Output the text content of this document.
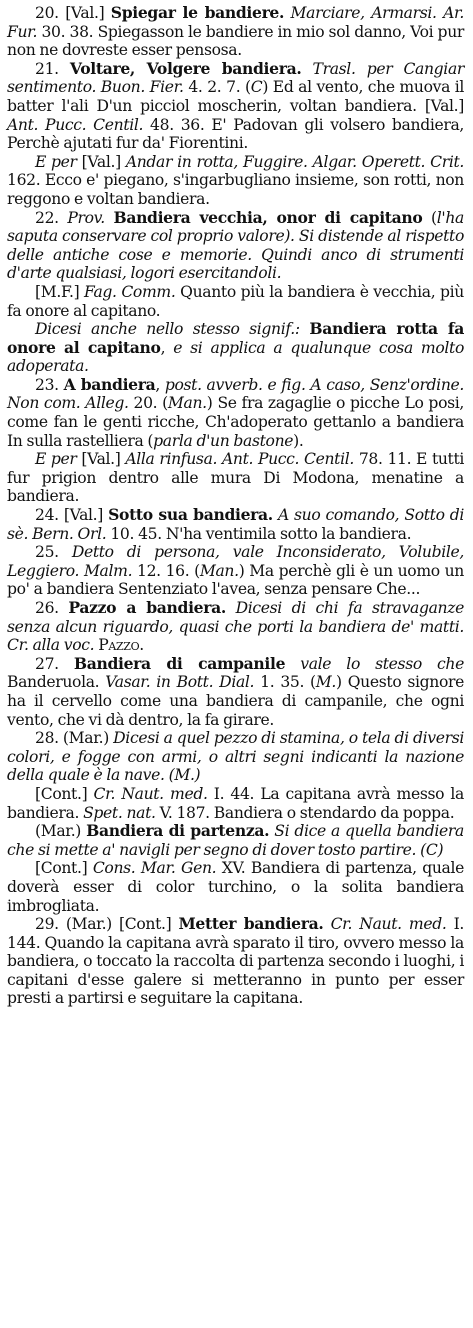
20. [Val.] Spiegar le bandiere. Marciare, Armarsi. Ar. Fur. 30. 38. Spiegasson le bandiere in mio sol danno, Voi pur non ne dovreste esser pensosa.

21. Voltare, Volgere bandiera. Trasl. per Cangiar sentimento. Buon. Fier. 4. 2. 7. (C) Ed al vento, che muova il batter l'ali D'un picciol moscherin, voltan bandiera. [Val.] Ant. Pucc. Centil. 48. 36. E' Padovan gli volsero bandiera, Perchè ajutati fur da' Fiorentini.

E per [Val.] Andar in rotta, Fuggire. Algar. Operett. Crit. 162. Ecco e' piegano, s'ingarbugliano insieme, son rotti, non reggono e voltan bandiera.

22. Prov. Bandiera vecchia, onor di capitano (l'ha saputa conservare col proprio valore). Si distende al rispetto delle antiche cose e memorie. Quindi anco di strumenti d'arte qualsiasi, logori esercitandoli.

[M.F.] Fag. Comm. Quanto più la bandiera è vecchia, più fa onore al capitano.

Dicesi anche nello stesso signif.: Bandiera rotta fa onore al capitano, e si applica a qualunque cosa molto adoperata.

23. A bandiera, post. avverb. e fig. A caso, Senz'ordine. Non com. Alleg. 20. (Man.) Se fra zagaglie o picche Lo posi, come fan le genti ricche, Ch'adoperato gettanlo a bandiera In sulla rastelliera (parla d'un bastone).

E per [Val.] Alla rinfusa. Ant. Pucc. Centil. 78. 11. E tutti fur prigion dentro alle mura Di Modona, menatine a bandiera.

24. [Val.] Sotto sua bandiera. A suo comando, Sotto di sè. Bern. Orl. 10. 45. N'ha ventimila sotto la bandiera.

25. Detto di persona, vale Inconsiderato, Volubile, Leggiero. Malm. 12. 16. (Man.) Ma perchè gli è un uomo un po' a bandiera Sentenziato l'avea, senza pensare Che...

26. Pazzo a bandiera. Dicesi di chi fa stravaganze senza alcun riguardo, quasi che porti la bandiera de' matti. Cr. alla voc. Pazzo.

27. Bandiera di campanile vale lo stesso che Banderuola. Vasar. in Bott. Dial. 1. 35. (M.) Questo signore ha il cervello come una bandiera di campanile, che ogni vento, che vi dà dentro, la fa girare.

28. (Mar.) Dicesi a quel pezzo di stamina, o tela di diversi colori, e fogge con armi, o altri segni indicanti la nazione della quale è la nave. (M.)

[Cont.] Cr. Naut. med. I. 44. La capitana avrà messo la bandiera. Spet. nat. V. 187. Bandiera o stendardo da poppa.

(Mar.) Bandiera di partenza. Si dice a quella bandiera che si mette a' navigli per segno di dover tosto partire. (C)

[Cont.] Cons. Mar. Gen. XV. Bandiera di partenza, quale doverà esser di color turchino, o la solita bandiera imbrogliata.

29. (Mar.) [Cont.] Metter bandiera. Cr. Naut. med. I. 144. Quando la capitana avrà sparato il tiro, ovvero messo la bandiera, o toccato la raccolta di partenza secondo i luoghi, i capitani d'esse galere si metteranno in punto per esser presti a partirsi e seguitare la capitana.
